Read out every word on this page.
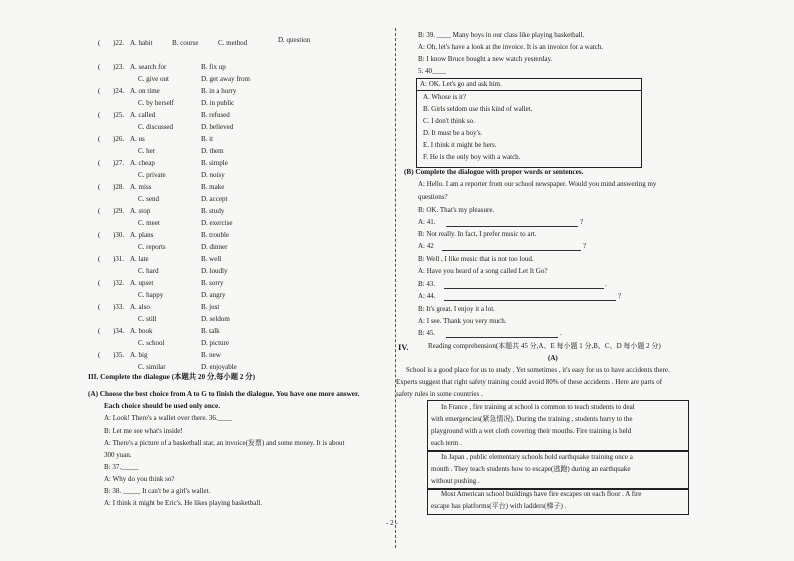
( )22. A. habit	B. course	C. method	D. question
( )23. A. search for	B. fix up
C. give out	D. get away from
( )24. A. on time	B. in a hurry
C. by herself	D. in public
( )25. A. called	B. refused
C. discussed	D. believed
( )26. A. us	B. it
C. her	D. them
( )27. A. cheap	B. simple
C. private	D. noisy
( )28. A. miss	B. make
C. send	D. accept
( )29. A. stop	B. study
C. meet	D. exercise
( )30. A. plans	B. trouble
C. reports	D. dinner
( )31. A. late	B. well
C. hard	D. loudly
( )32. A. upset	B. sorry
C. happy	D. angry
( )33. A. also	B. just
C. still	D. seldom
( )34. A. book	B. talk
C. school	D. picture
( )35. A. big	B. new
C. similar	D. enjoyable
III. Complete the dialogue (本题共 20 分,每小题 2 分)
(A) Choose the best choice from A to G to finish the dialogue. You have one more answer.
Each choice should be used only once.
A: Look! There's a wallet over there. 36.____
B: Let me see what's inside!
A: There's a picture of a basketball star, an invoice(发票) and some money. It is about
300 yuan.
B: 37._____
A: Why do you think so?
B: 38. _____ It can't be a girl's wallet.
A: I think it might be Eric's. He likes playing basketball.
B: 39. ____ Many boys in our class like playing basketball.
A: Oh, let's have a look at the invoice. It is an invoice for a watch.
B: I know Bruce bought a new watch yesterday.
5. 40____
A: OK. Let's go and ask him.
A. Whose is it?
B. Girls seldom use this kind of wallet.
C. I don't think so.
D. It must be a boy's.
E. I think it might be hers.
F. He is the only boy with a watch.
(B) Complete the dialogue with proper words or sentences.
A: Hello. I am a reporter from our school newspaper. Would you mind answering my
questions?
B: OK. That's my pleasure.
A: 41.	?
B: Not really. In fact, I prefer music to art.
A: 42	?
B: Well , I like music that is not too loud.
A: Have you heard of a song called Let It Go?
B: 43.	.
A: 44.	?
B: It's great. I enjoy it a lot.
A: I see. Thank you very much.
B: 45.	.
IV.	Reading comprehension(本题共 45 分,A、E 每小题 1 分,B、C、D 每小题 2 分)
(A)
School is a good place for us to study . Yet sometimes , it's easy for us to have accidents there.
Experts suggest that right safety training could avoid 80% of these accidents . Here are parts of
safety rules in some countries .
In France , fire training at school is common to teach students to deal
with emergencies(紧急情况). During the training , students hurry to the
playground with a wet cloth covering their mouths. Fire training is held
each term .
In Japan , public elementary schools hold earthquake training once a
month . They teach students how to escape(逃跑) during an earthquake
without pushing .
Most American school buildings have fire escapes on each floor . A fire
escape has platforms(平台) with ladders(梯子) .
- 2 -
